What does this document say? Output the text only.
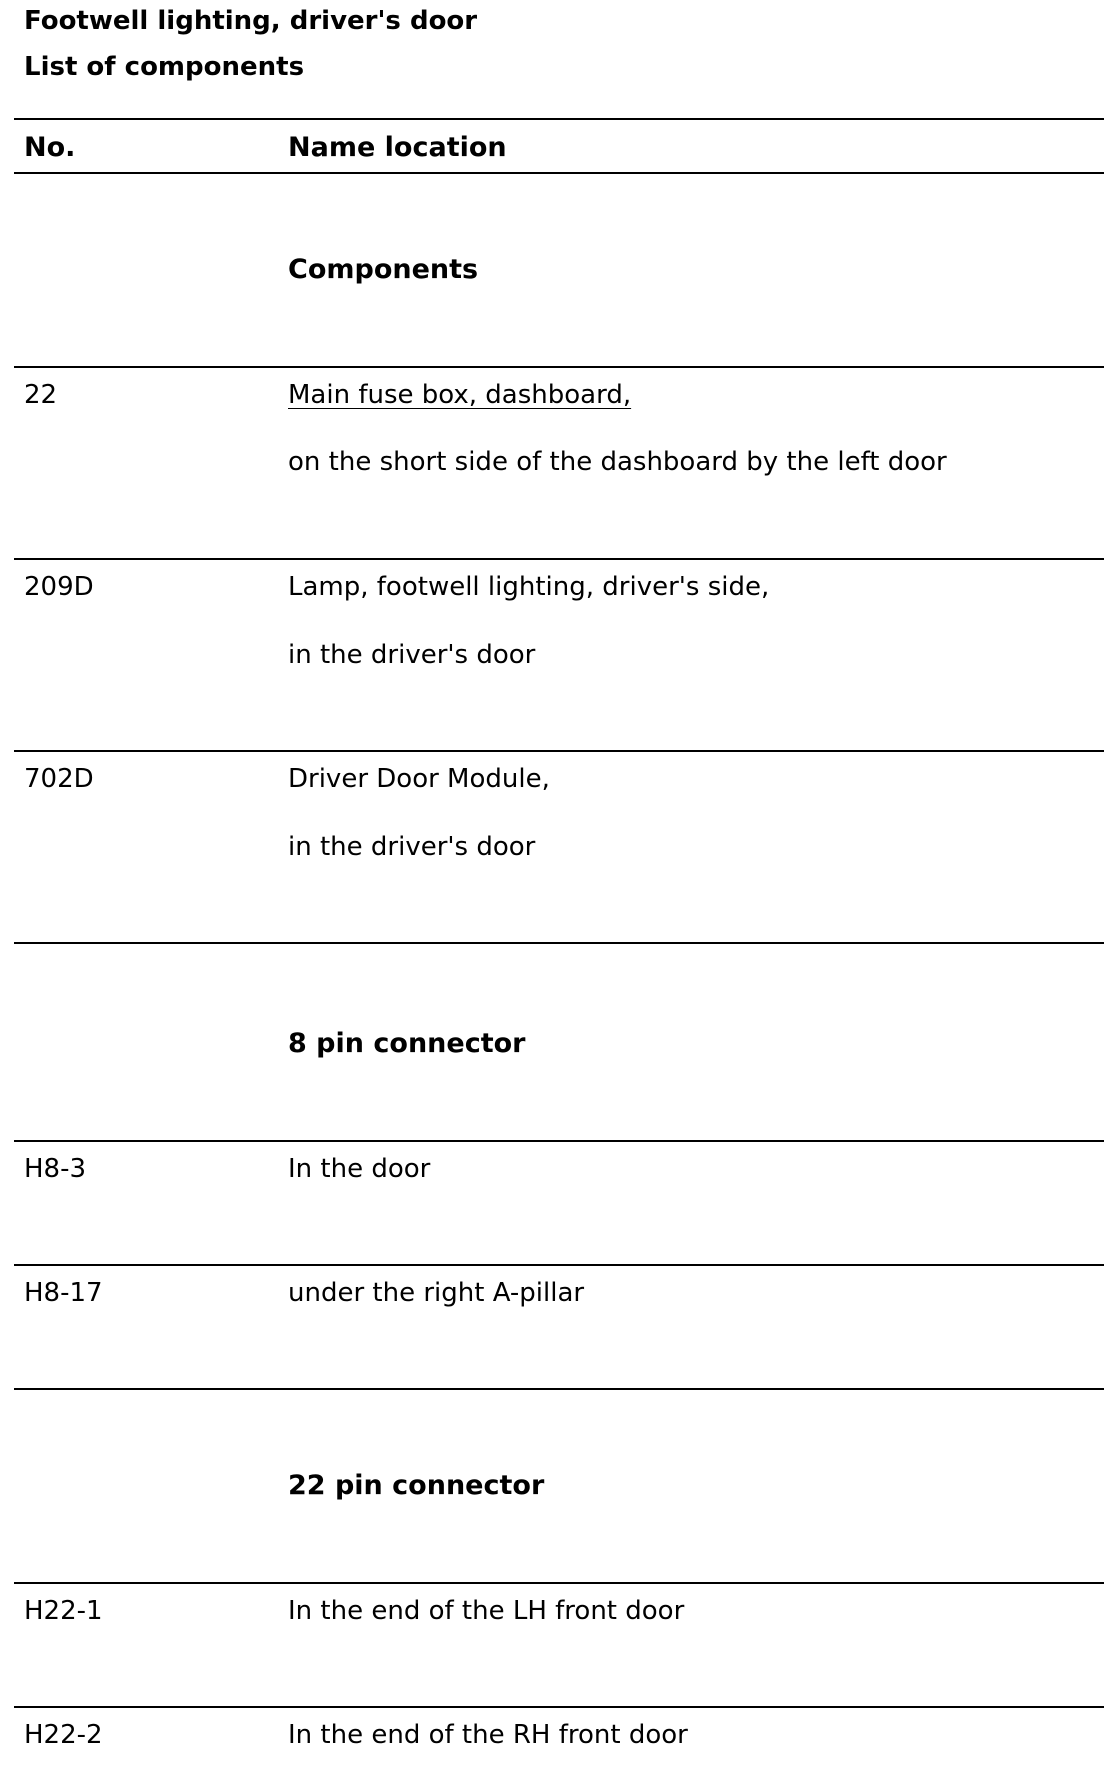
Footwell lighting, driver's door
List of components
No.	Name location
Components
22	Main fuse box, dashboard,
on the short side of the dashboard by the left door
209D	Lamp, footwell lighting, driver's side,
in the driver's door
702D	Driver Door Module,
in the driver's door
8 pin connector
H8-3	In the door
H8-17	under the right A-pillar
22 pin connector
H22-1	In the end of the LH front door
H22-2	In the end of the RH front door
